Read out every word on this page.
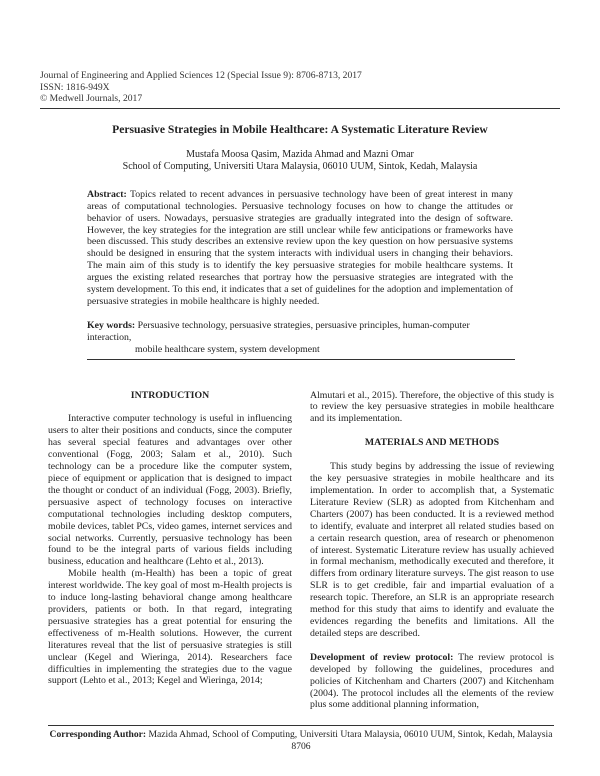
Journal of Engineering and Applied Sciences 12 (Special Issue 9): 8706-8713, 2017
ISSN: 1816-949X
© Medwell Journals, 2017
Persuasive Strategies in Mobile Healthcare: A Systematic Literature Review
Mustafa Moosa Qasim, Mazida Ahmad and Mazni Omar
School of Computing, Universiti Utara Malaysia, 06010 UUM, Sintok, Kedah, Malaysia
Abstract: Topics related to recent advances in persuasive technology have been of great interest in many areas of computational technologies. Persuasive technology focuses on how to change the attitudes or behavior of users. Nowadays, persuasive strategies are gradually integrated into the design of software. However, the key strategies for the integration are still unclear while few anticipations or frameworks have been discussed. This study describes an extensive review upon the key question on how persuasive systems should be designed in ensuring that the system interacts with individual users in changing their behaviors. The main aim of this study is to identify the key persuasive strategies for mobile healthcare systems. It argues the existing related researches that portray how the persuasive strategies are integrated with the system development. To this end, it indicates that a set of guidelines for the adoption and implementation of persuasive strategies in mobile healthcare is highly needed.
Key words: Persuasive technology, persuasive strategies, persuasive principles, human-computer interaction,
mobile healthcare system, system development
INTRODUCTION

Interactive computer technology is useful in influencing users to alter their positions and conducts, since the computer has several special features and advantages over other conventional (Fogg, 2003; Salam et al., 2010). Such technology can be a procedure like the computer system, piece of equipment or application that is designed to impact the thought or conduct of an individual (Fogg, 2003). Briefly, persuasive aspect of technology focuses on interactive computational technologies including desktop computers, mobile devices, tablet PCs, video games, internet services and social networks. Currently, persuasive technology has been found to be the integral parts of various fields including business, education and healthcare (Lehto et al., 2013).

Mobile health (m-Health) has been a topic of great interest worldwide. The key goal of most m-Health projects is to induce long-lasting behavioral change among healthcare providers, patients or both. In that regard, integrating persuasive strategies has a great potential for ensuring the effectiveness of m-Health solutions. However, the current literatures reveal that the list of persuasive strategies is still unclear (Kegel and Wieringa, 2014). Researchers face difficulties in implementing the strategies due to the vague support (Lehto et al., 2013; Kegel and Wieringa, 2014;

Almutari et al., 2015). Therefore, the objective of this study is to review the key persuasive strategies in mobile healthcare and its implementation.

MATERIALS AND METHODS

This study begins by addressing the issue of reviewing the key persuasive strategies in mobile healthcare and its implementation. In order to accomplish that, a Systematic Literature Review (SLR) as adopted from Kitchenham and Charters (2007) has been conducted. It is a reviewed method to identify, evaluate and interpret all related studies based on a certain research question, area of research or phenomenon of interest. Systematic Literature review has usually achieved in formal mechanism, methodically executed and therefore, it differs from ordinary literature surveys. The gist reason to use SLR is to get credible, fair and impartial evaluation of a research topic. Therefore, an SLR is an appropriate research method for this study that aims to identify and evaluate the evidences regarding the benefits and limitations. All the detailed steps are described.

Development of review protocol: The review protocol is developed by following the guidelines, procedures and policies of Kitchenham and Charters (2007) and Kitchenham (2004). The protocol includes all the elements of the review plus some additional planning information,

Corresponding Author: Mazida Ahmad, School of Computing, Universiti Utara Malaysia, 06010 UUM, Sintok, Kedah, Malaysia
8706
